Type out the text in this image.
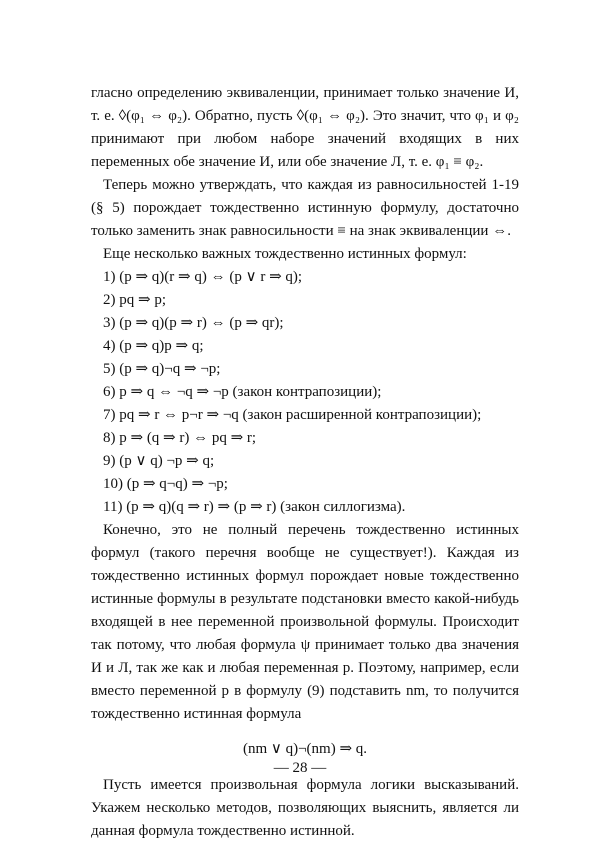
гласно определению эквиваленции, принимает только значение И, т. е. ◊(φ₁ ⇔ φ₂). Обратно, пусть ◊(φ₁ ⇔ φ₂). Это значит, что φ₁ и φ₂ принимают при любом наборе значений входящих в них переменных обе значение И, или обе значение Л, т. е. φ₁ ≡ φ₂.

Теперь можно утверждать, что каждая из равносильностей 1-19 (§ 5) порождает тождественно истинную формулу, достаточно только заменить знак равносильности ≡ на знак эквиваленции ⇔.

Еще несколько важных тождественно истинных формул:

1) (p ⇒ q)(r ⇒ q) ⇔ (p ∨ r ⇒ q);

2) pq ⇒ p;

3) (p ⇒ q)(p ⇒ r) ⇔ (p ⇒ qr);

4) (p ⇒ q)p ⇒ q;

5) (p ⇒ q)¬q ⇒ ¬p;

6) p ⇒ q ⇔ ¬q ⇒ ¬p (закон контрапозиции);

7) pq ⇒ r ⇔ p¬r ⇒ ¬q (закон расширенной контрапозиции);

8) p ⇒ (q ⇒ r) ⇔ pq ⇒ r;

9) (p ∨ q) ¬p ⇒ q;

10) (p ⇒ q¬q) ⇒ ¬p;

11) (p ⇒ q)(q ⇒ r) ⇒ (p ⇒ r) (закон силлогизма).

Конечно, это не полный перечень тождественно истинных формул (такого перечня вообще не существует!). Каждая из тождественно истинных формул порождает новые тождественно истинные формулы в результате подстановки вместо какой-нибудь входящей в нее переменной произвольной формулы. Происходит так потому, что любая формула ψ принимает только два значения И и Л, так же как и любая переменная p. Поэтому, например, если вместо переменной p в формулу (9) подставить nm, то получится тождественно истинная формула

(nm ∨ q)¬(nm) ⇒ q.

Пусть имеется произвольная формула логики высказываний. Укажем несколько методов, позволяющих выяснить, является ли данная формула тождественно истинной.

— 28 —
